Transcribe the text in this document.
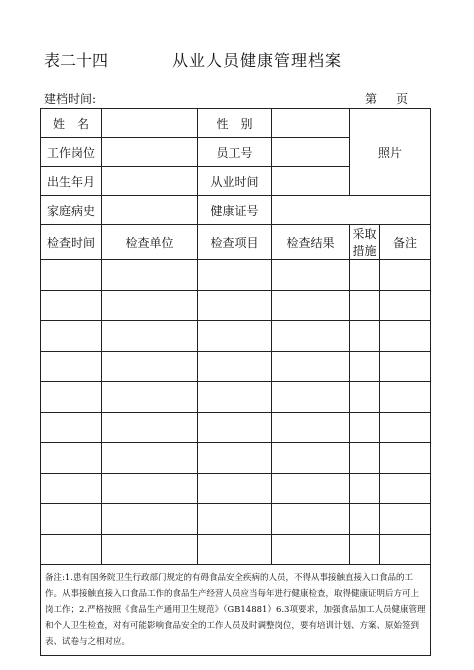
表二十四	从业人员健康管理档案
建档时间:	第 页
姓　名		性　别		照片	
工作岗位		员工号			
出生年月		从业时间			
家庭病史		健康证号			
检查时间	检查单位	检查项目	检查结果	采取措施	备注

备注:1.患有国务院卫生行政部门规定的有碍食品安全疾病的人员，不得从事接触直接入口食品的工作。从事接触直接入口食品工作的食品生产经营人员应当每年进行健康检查，取得健康证明后方可上岗工作；2.严格按照《食品生产通用卫生规范》（GB14881）6.3项要求，加强食品加工人员健康管理和个人卫生检查，对有可能影响食品安全的工作人员及时调整岗位，要有培训计划、方案、原始签到表、试卷与之相对应。					
